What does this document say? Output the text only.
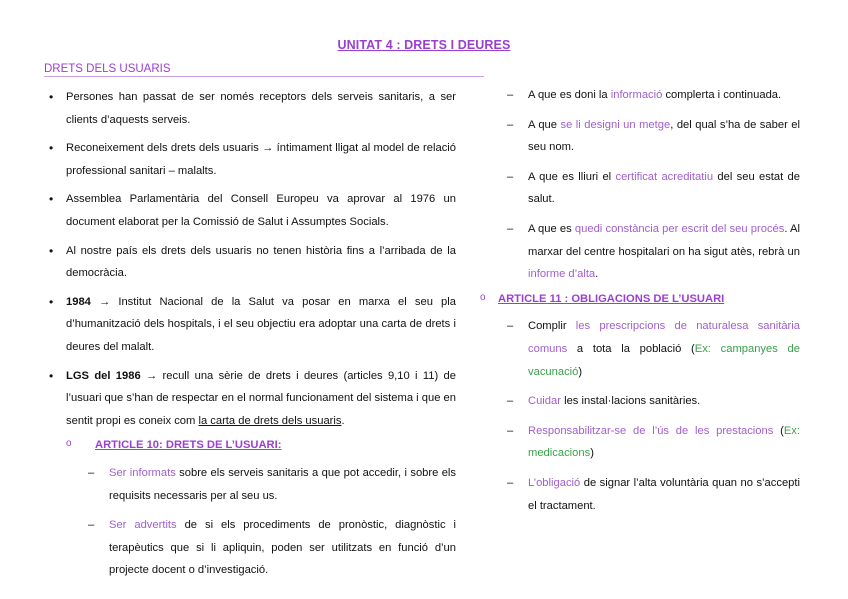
UNITAT 4 : DRETS I DEURES
DRETS DELS USUARIS

• Persones han passat de ser només receptors dels serveis sanitaris, a ser clients d’aquests serveis.

• Reconeixement dels drets dels usuaris → íntimament lligat al model de relació professional sanitari – malalts.

• Assemblea Parlamentària del Consell Europeu va aprovar al 1976 un document elaborat per la Comissió de Salut i Assumptes Socials.

• Al nostre país els drets dels usuaris no tenen història fins a l’arribada de la democràcia.

• 1984 → Institut Nacional de la Salut va posar en marxa el seu pla d’humanització dels hospitals, i el seu objectiu era adoptar una carta de drets i deures del malalt.

• LGS del 1986 → recull una sèrie de drets i deures (articles 9,10 i 11) de l’usuari que s’han de respectar en el normal funcionament del sistema i que en sentit propi es coneix com la carta de drets dels usuaris.

o ARTICLE 10: DRETS DE L’USUARI:

– Ser informats sobre els serveis sanitaris a que pot accedir, i sobre els requisits necessaris per al seu us.

– Ser advertits de si els procediments de pronòstic, diagnòstic i terapèutics que si li apliquin, poden ser utilitzats en funció d’un projecte docent o d’investigació.

– A que es doni la informació complerta i continuada.

– A que se li designi un metge, del qual s’ha de saber el seu nom.

– A que es lliuri el certificat acreditatiu del seu estat de salut.

– A que es quedi constància per escrit del seu procés. Al marxar del centre hospitalari on ha sigut atès, rebrà un informe d’alta.

o ARTICLE 11 : OBLIGACIONS DE L’USUARI

– Complir les prescripcions de naturalesa sanitària comuns a tota la població (Ex: campanyes de vacunació)

– Cuidar les instal·lacions sanitàries.

– Responsabilitzar-se de l’ús de les prestacions (Ex: medicacions)

– L’obligació de signar l’alta voluntària quan no s’accepti el tractament.
